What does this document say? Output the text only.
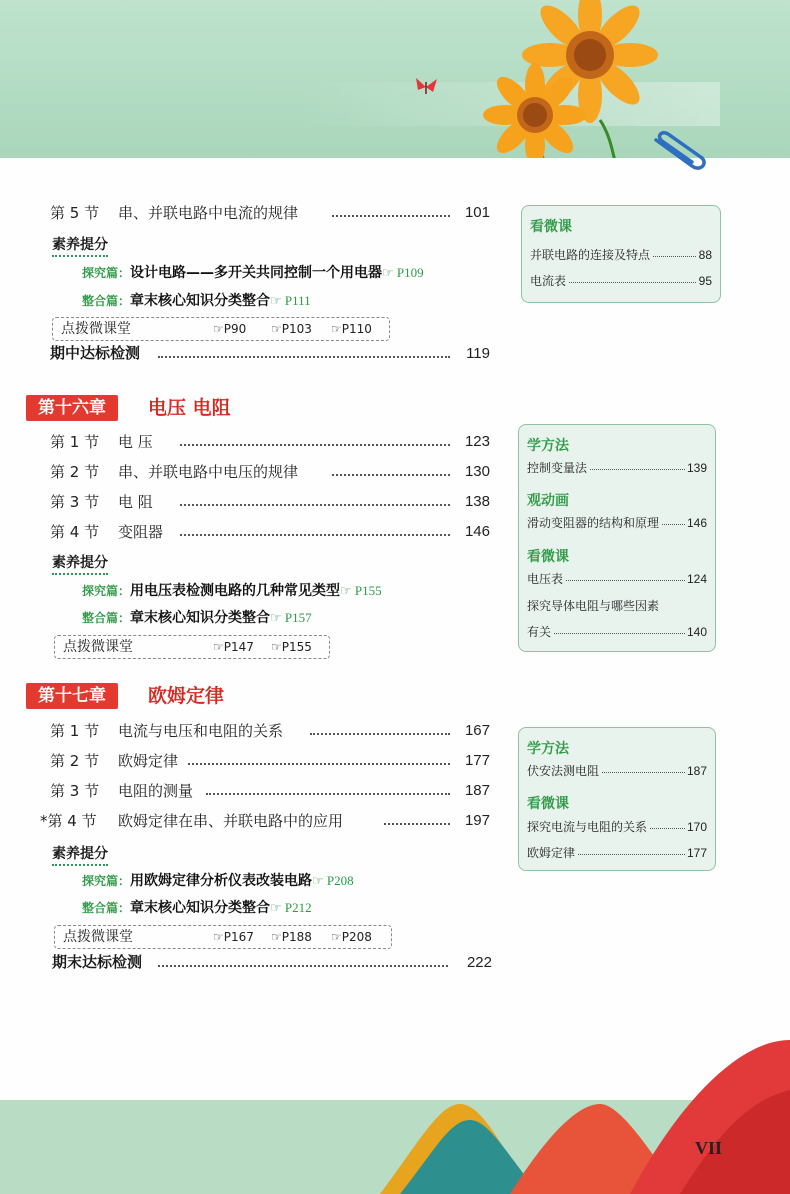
VII
第 5 节 串、并联电路中电流的规律	101
素养提分
探究篇：设计电路——多开关共同控制一个用电器☞ P109
整合篇：章末核心知识分类整合☞ P111
点拨微课堂	☞P90 ☞P103 ☞P110
期中达标检测	119
第十六章	电压 电阻
第 1 节 电 压	123
第 2 节 串、并联电路中电压的规律	130
第 3 节 电 阻	138
第 4 节 变阻器	146
素养提分
探究篇：用电压表检测电路的几种常见类型☞ P155
整合篇：章末核心知识分类整合☞ P157
点拨微课堂	☞P147 ☞P155
第十七章	欧姆定律
第 1 节 电流与电压和电阻的关系	167
第 2 节 欧姆定律	177
第 3 节 电阻的测量	187
*第 4 节 欧姆定律在串、并联电路中的应用	197
素养提分
探究篇：用欧姆定律分析仪表改装电路☞ P208
整合篇：章末核心知识分类整合☞ P212
点拨微课堂	☞P167 ☞P188 ☞P208
期末达标检测	222
看微课
并联电路的连接及特点	88
电流表	95
学方法
控制变量法	139
观动画
滑动变阻器的结构和原理 146
看微课
电压表	124
探究导体电阻与哪些因素
有关	140
学方法
伏安法测电阻	187
看微课
探究电流与电阻的关系	170
欧姆定律	177
